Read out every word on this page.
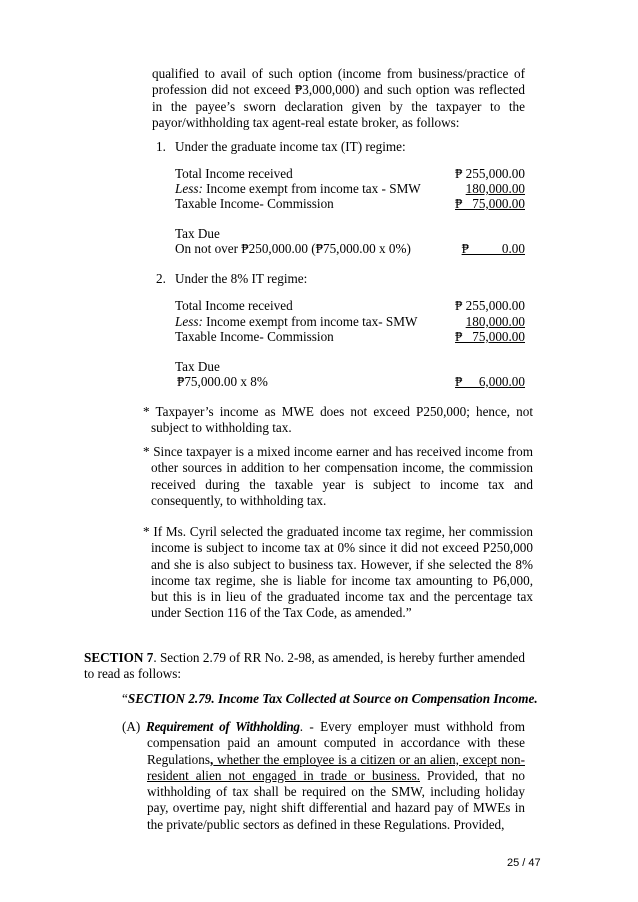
qualified to avail of such option (income from business/practice of profession did not exceed ₱3,000,000) and such option was reflected in the payee’s sworn declaration given by the taxpayer to the payor/withholding tax agent-real estate broker, as follows:
1. Under the graduate income tax (IT) regime:
Total Income received	₱ 255,000.00
Less: Income exempt from income tax - SMW	180,000.00
Taxable Income- Commission	₱   75,000.00
Tax Due
On not over ₱250,000.00 (₱75,000.00 x 0%)	₱          0.00
2. Under the 8% IT regime:
Total Income received	₱ 255,000.00
Less: Income exempt from income tax- SMW	180,000.00
Taxable Income- Commission	₱   75,000.00
Tax Due
₱75,000.00 x 8%	₱     6,000.00
* Taxpayer’s income as MWE does not exceed P250,000; hence, not subject to withholding tax.
* Since taxpayer is a mixed income earner and has received income from other sources in addition to her compensation income, the commission received during the taxable year is subject to income tax and consequently, to withholding tax.
* If Ms. Cyril selected the graduated income tax regime, her commission income is subject to income tax at 0% since it did not exceed P250,000 and she is also subject to business tax. However, if she selected the 8% income tax regime, she is liable for income tax amounting to P6,000, but this is in lieu of the graduated income tax and the percentage tax under Section 116 of the Tax Code, as amended.”
SECTION 7. Section 2.79 of RR No. 2-98, as amended, is hereby further amended to read as follows:
“SECTION 2.79. Income Tax Collected at Source on Compensation Income.
(A) Requirement of Withholding. - Every employer must withhold from compensation paid an amount computed in accordance with these Regulations, whether the employee is a citizen or an alien, except non-resident alien not engaged in trade or business. Provided, that no withholding of tax shall be required on the SMW, including holiday pay, overtime pay, night shift differential and hazard pay of MWEs in the private/public sectors as defined in these Regulations. Provided,
25 / 47
